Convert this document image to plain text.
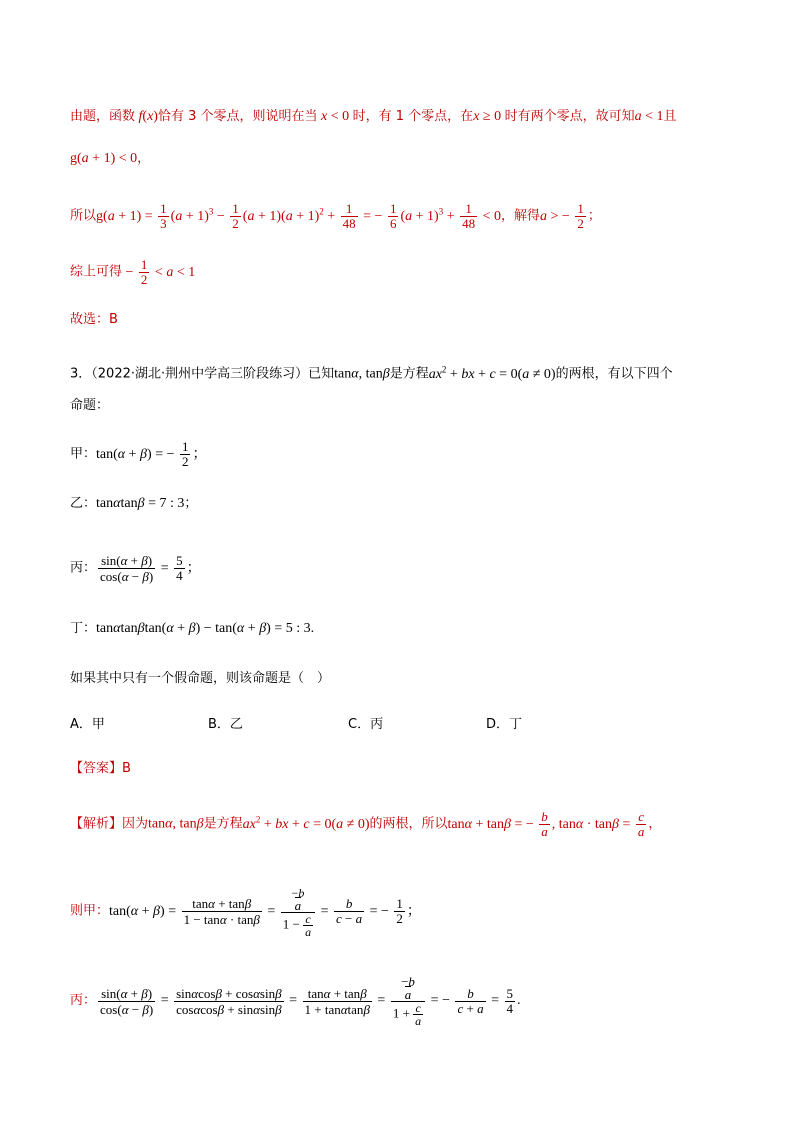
由题，函数 f(x)恰有 3 个零点，则说明在当 x < 0 时，有 1 个零点，在x ≥ 0 时有两个零点，故可知a < 1且
g(a + 1) < 0，
所以$g(a + 1) = \frac{1}{3} (a + 1)^3 - \frac{1}{2} (a + 1)(a + 1)^2 + \frac{1}{48}$ = − $\frac{1}{6} (a + 1)^3 + \frac{1}{48} < 0$，解得a > − $\frac{1}{2}$ ；
综上可得 − $\frac{1}{2} < a < 1$
故选：B
3．（2022·湖北·荆州中学高三阶段练习）已知tanα, tanβ是方程$ax^2$ + bx + c = 0(a ≠ 0)的两根，有以下四个
命题：
甲：tan(α + β) = − $\frac{1}{2}$ ；
乙：tanαtanβ = 7 : 3；
丙： $\frac{\sin(\alpha + \beta)}{\cos(\alpha - \beta)} = \frac{5}{4}$ ；
丁：tanαtanβtan(α + β) − tan(α + β) = 5 : 3.
如果其中只有一个假命题，则该命题是（　）
A．甲	B．乙	C．丙	D．丁
【答案】B
【解析】因为tanα, tanβ是方程$ax^2$ + bx + c = 0(a ≠ 0)的两根，所以tanα + tanβ = − $\frac{b}{a}$ , $\tan\alpha \cdot \tan\beta = \frac{c}{a}$ ，
则甲：$\tan(\alpha + \beta) = \frac{\tan\alpha + \tan\beta}{1 - \tan\alpha \cdot \tan\beta}$ =
−b

a
$1 - \frac{c}{a}$
= $\frac{b}{c - a}$ = − $\frac{1}{2}$ ；
丙： $\frac{\sin(\alpha + \beta)}{\cos(\alpha - \beta)} = \frac{\sin\alpha\cos\beta + \cos\alpha\sin\beta}{\cos\alpha\cos\beta + \sin\alpha\sin\beta} = \frac{\tan\alpha + \tan\beta}{1 + \tan\alpha\tan\beta}$ =
−b
a
$1 + \frac{c}{a}$
= − $\frac{b}{c + a} = \frac{5}{4}$ .
